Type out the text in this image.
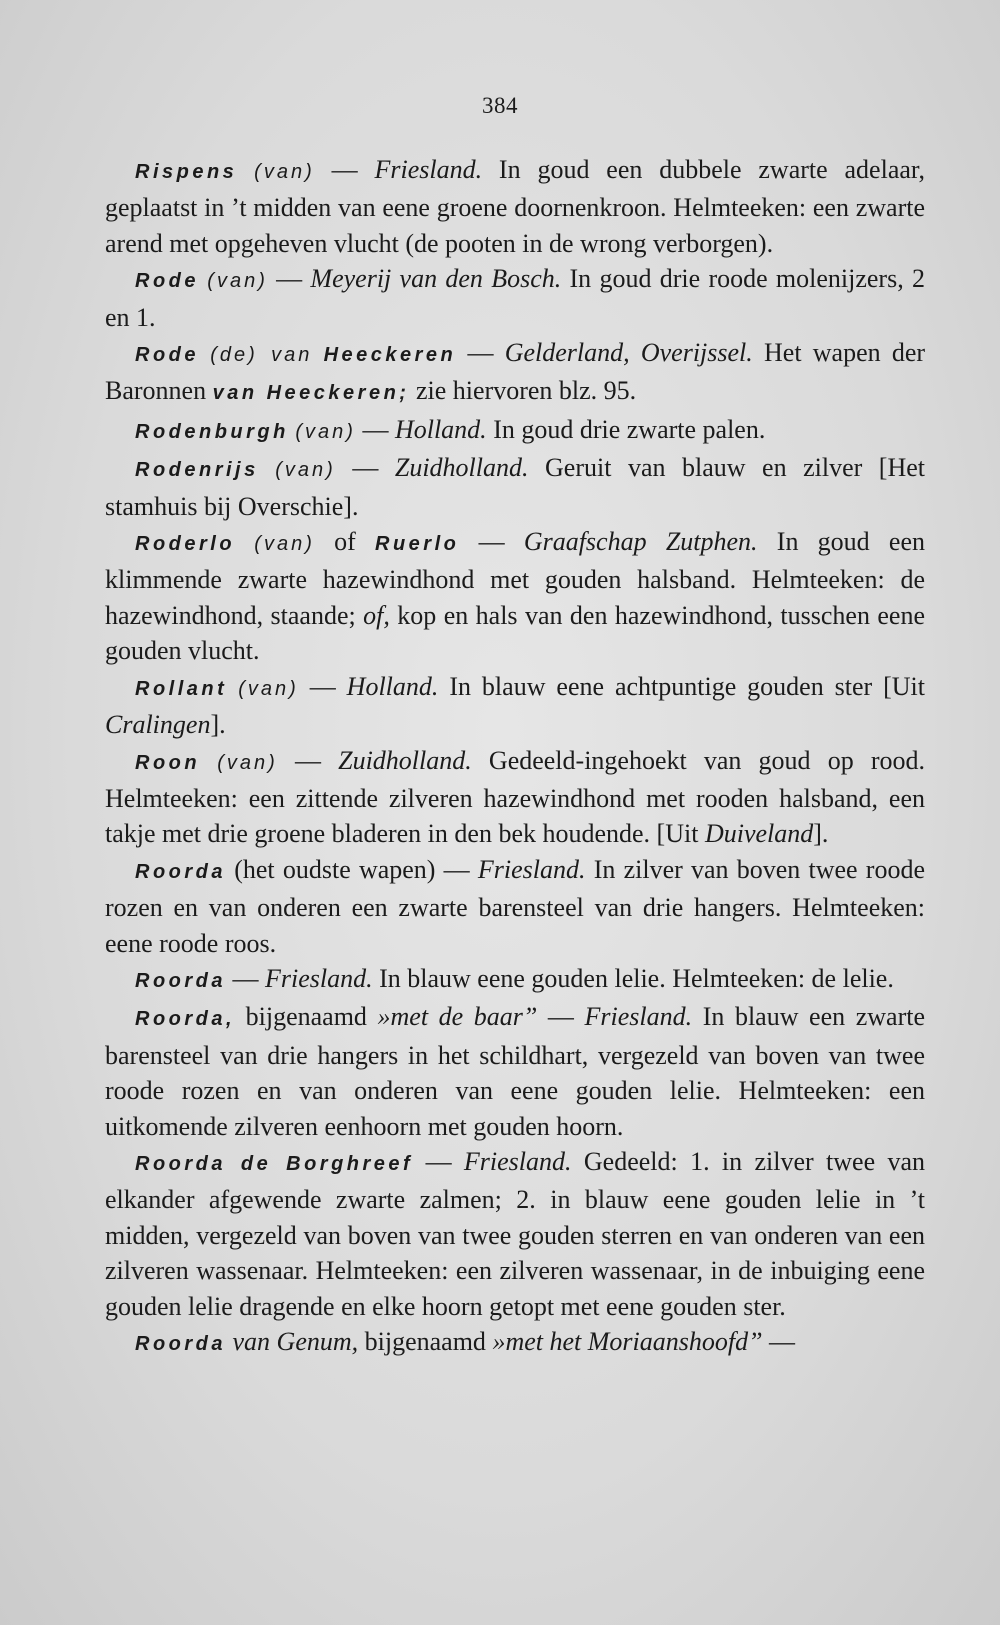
384

Rispens (van) — Friesland. In goud een dubbele zwarte adelaar, geplaatst in ’t midden van eene groene doornenkroon. Helmteeken: een zwarte arend met opgeheven vlucht (de pooten in de wrong verborgen).

Rode (van) — Meyerij van den Bosch. In goud drie roode molenijzers, 2 en 1.

Rode (de) van Heeckeren — Gelderland, Overijssel. Het wapen der Baronnen van Heeckeren; zie hiervoren blz. 95.

Rodenburgh (van) — Holland. In goud drie zwarte palen.

Rodenrijs (van) — Zuidholland. Geruit van blauw en zilver [Het stamhuis bij Overschie].

Roderlo (van) of Ruerlo — Graafschap Zutphen. In goud een klimmende zwarte hazewindhond met gouden halsband. Helmteeken: de hazewindhond, staande; of, kop en hals van den hazewindhond, tusschen eene gouden vlucht.

Rollant (van) — Holland. In blauw eene achtpuntige gouden ster [Uit Cralingen].

Roon (van) — Zuidholland. Gedeeld-ingehoekt van goud op rood. Helmteeken: een zittende zilveren hazewindhond met rooden halsband, een takje met drie groene bladeren in den bek houdende. [Uit Duiveland].

Roorda (het oudste wapen) — Friesland. In zilver van boven twee roode rozen en van onderen een zwarte barensteel van drie hangers. Helmteeken: eene roode roos.

Roorda — Friesland. In blauw eene gouden lelie. Helmteeken: de lelie.

Roorda, bijgenaamd »met de baar” — Friesland. In blauw een zwarte barensteel van drie hangers in het schildhart, vergezeld van boven van twee roode rozen en van onderen van eene gouden lelie. Helmteeken: een uitkomende zilveren eenhoorn met gouden hoorn.

Roorda de Borghreef — Friesland. Gedeeld: 1. in zilver twee van elkander afgewende zwarte zalmen; 2. in blauw eene gouden lelie in ’t midden, vergezeld van boven van twee gouden sterren en van onderen van een zilveren wassenaar. Helmteeken: een zilveren wassenaar, in de inbuiging eene gouden lelie dragende en elke hoorn getopt met eene gouden ster.

Roorda van Genum, bijgenaamd »met het Moriaanshoofd” —
